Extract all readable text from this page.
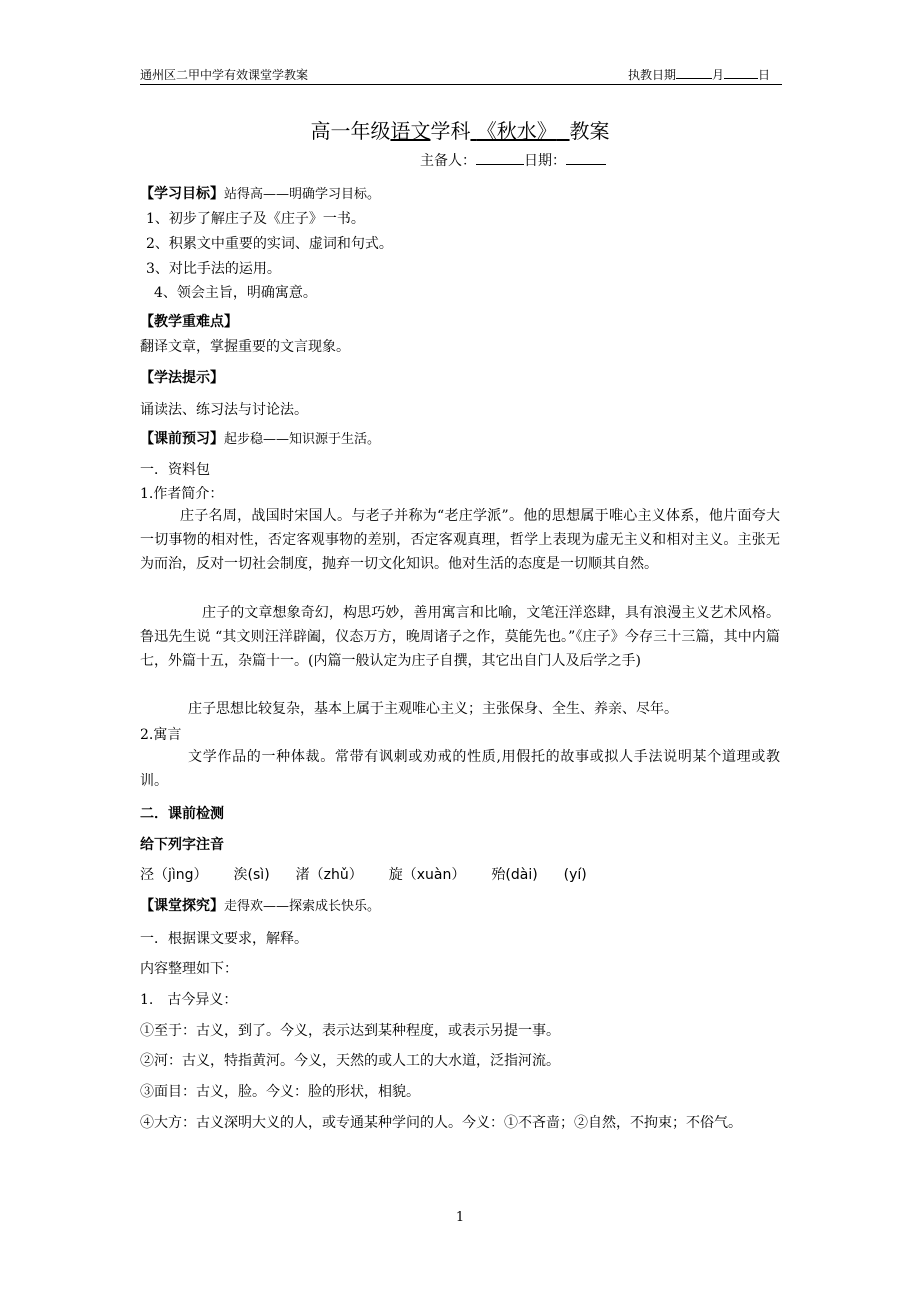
通州区二甲中学有效课堂学教案	执教日期	月	日
高一年级语文学科 《秋水》 教案
主备人：	日期：
【学习目标】站得高——明确学习目标。
1、初步了解庄子及《庄子》一书。
2、积累文中重要的实词、虚词和句式。
3、对比手法的运用。
4、领会主旨，明确寓意。
【教学重难点】
翻译文章，掌握重要的文言现象。
【学法提示】
诵读法、练习法与讨论法。
【课前预习】起步稳——知识源于生活。
一．资料包
1.作者简介：
庄子名周，战国时宋国人。与老子并称为“老庄学派”。他的思想属于唯心主义体系，他片面夸大一切事物的相对性，否定客观事物的差别，否定客观真理，哲学上表现为虚无主义和相对主义。主张无为而治，反对一切社会制度，抛弃一切文化知识。他对生活的态度是一切顺其自然。
庄子的文章想象奇幻，构思巧妙，善用寓言和比喻，文笔汪洋恣肆，具有浪漫主义艺术风格。鲁迅先生说 “其文则汪洋辟阖，仪态万方，晚周诸子之作，莫能先也。”《庄子》今存三十三篇，其中内篇七，外篇十五，杂篇十一。(内篇一般认定为庄子自撰，其它出自门人及后学之手)
庄子思想比较复杂，基本上属于主观唯心主义；主张保身、全生、养亲、尽年。
2.寓言
文学作品的一种体裁。常带有讽刺或劝戒的性质,用假托的故事或拟人手法说明某个道理或教训。
二．课前检测
给下列字注音
泾（jìng） 涘(sì) 渚（zhǔ） 旋（xuàn） 殆(dài) (yí)
【课堂探究】走得欢——探索成长快乐。
一．根据课文要求，解释。
内容整理如下：
1.　古今异义：
①至于：古义，到了。今义，表示达到某种程度，或表示另提一事。
②河：古义，特指黄河。今义，天然的或人工的大水道，泛指河流。
③面目：古义，脸。今义：脸的形状，相貌。
④大方：古义深明大义的人，或专通某种学问的人。今义：①不吝啬；②自然，不拘束；不俗气。
1
